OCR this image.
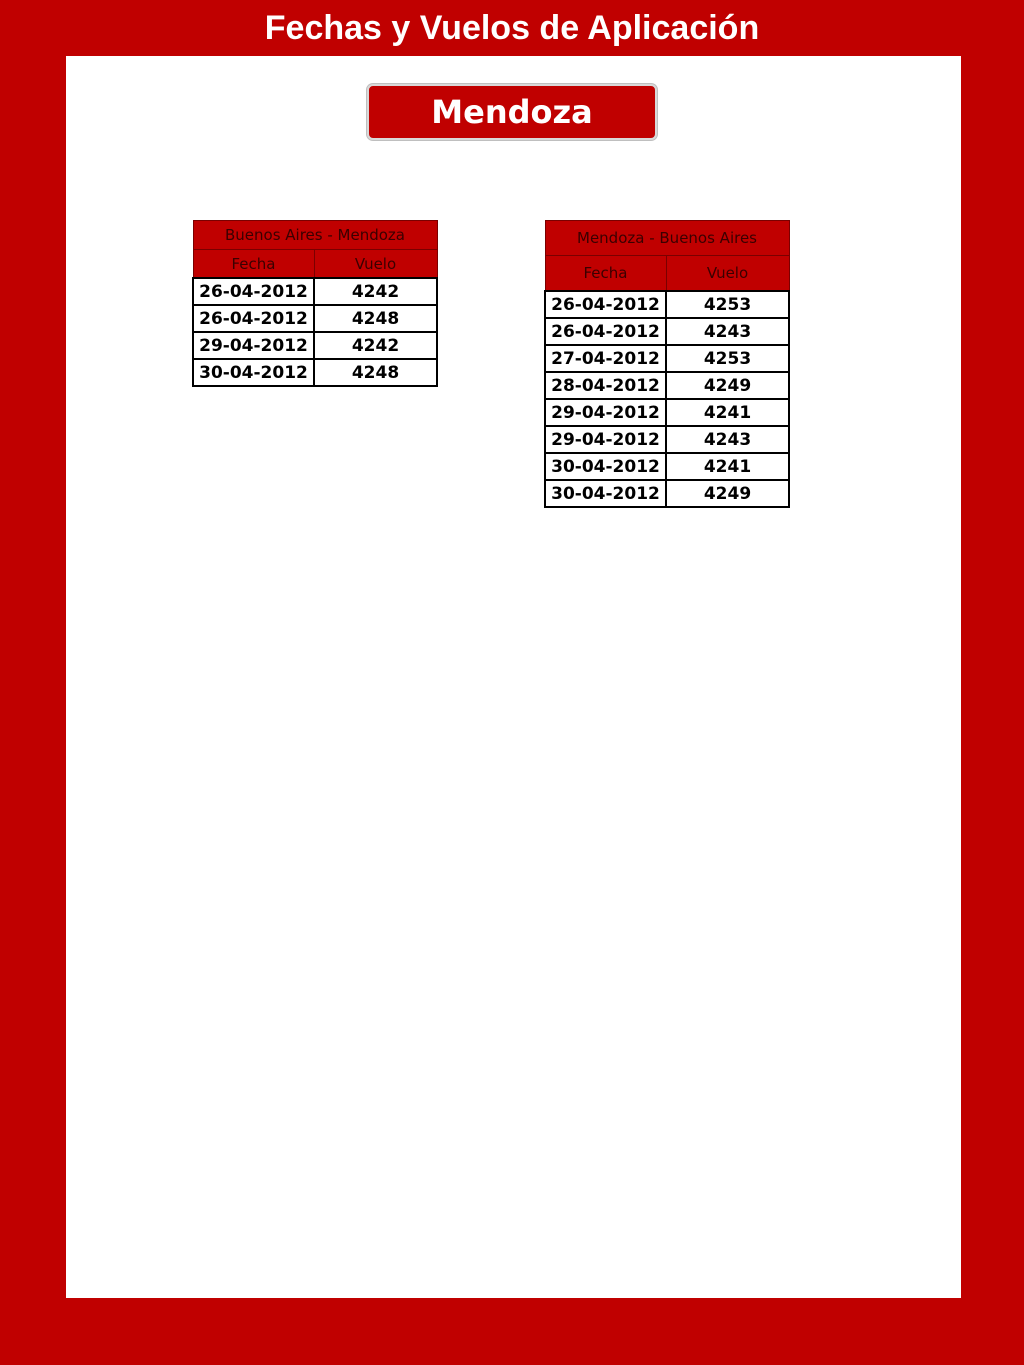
Fechas y Vuelos de Aplicación
Mendoza
Buenos Aires - Mendoza	
Fecha	Vuelo
26-04-2012	4242
26-04-2012	4248
29-04-2012	4242
30-04-2012	4248
Mendoza - Buenos Aires	
Fecha	Vuelo
26-04-2012	4253
26-04-2012	4243
27-04-2012	4253
28-04-2012	4249
29-04-2012	4241
29-04-2012	4243
30-04-2012	4241
30-04-2012	4249
